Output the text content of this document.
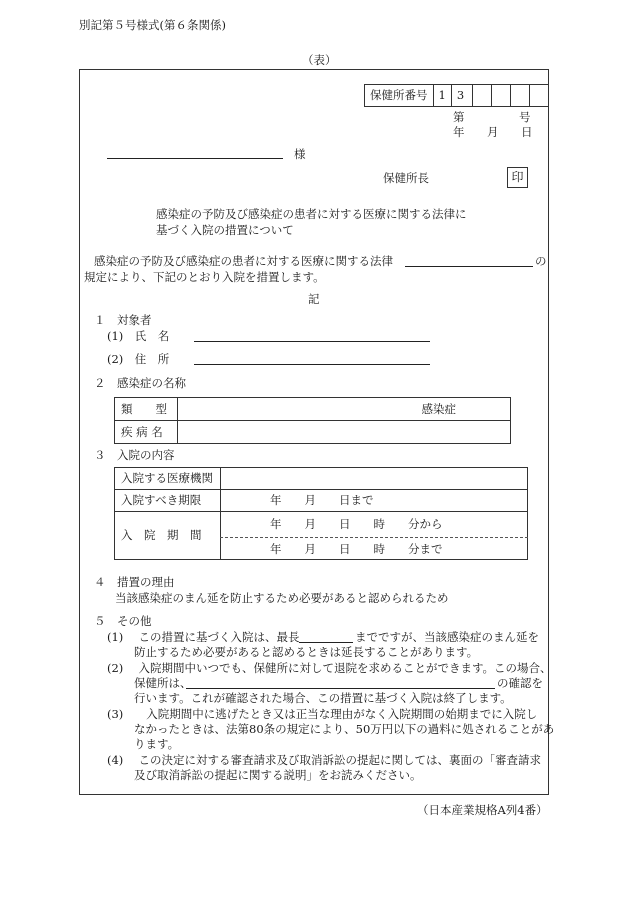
別記第５号様式(第６条関係)
（表）
保健所番号	1	3				
第	号
年 月 日
様
保健所長	印
感染症の予防及び感染症の患者に対する医療に関する法律に
基づく入院の措置について
感染症の予防及び感染症の患者に対する医療に関する法律	の
規定により、下記のとおり入院を措置します。
記
１　対象者
(1)　氏　名
(2)　住　所
２　感染症の名称
類　　型	感染症
疾 病 名	
３　入院の内容
入院する医療機関	
入院すべき期限	年　　月　　日まで
入　院　期　間	年　　月　　日　　時　　分から
年　　月　　日　　時　　分まで
４　措置の理由
当該感染症のまん延を防止するため必要があると認められるため
５　その他
(1)　 この措置に基づく入院は、最長	までですが、当該感染症のまん延を
防止するため必要があると認めるときは延長することがあります。
(2)　 入院期間中いつでも、保健所に対して退院を求めることができます。この場合、
保健所は、	の確認を
行います。これが確認された場合、この措置に基づく入院は終了します。
(3)　　入院期間中に逃げたとき又は正当な理由がなく入院期間の始期までに入院し
なかったときは、法第80条の規定により、50万円以下の過料に処されることがあ
ります。
(4)　 この決定に対する審査請求及び取消訴訟の提起に関しては、裏面の「審査請求
及び取消訴訟の提起に関する説明」をお読みください。
（日本産業規格A列4番）
